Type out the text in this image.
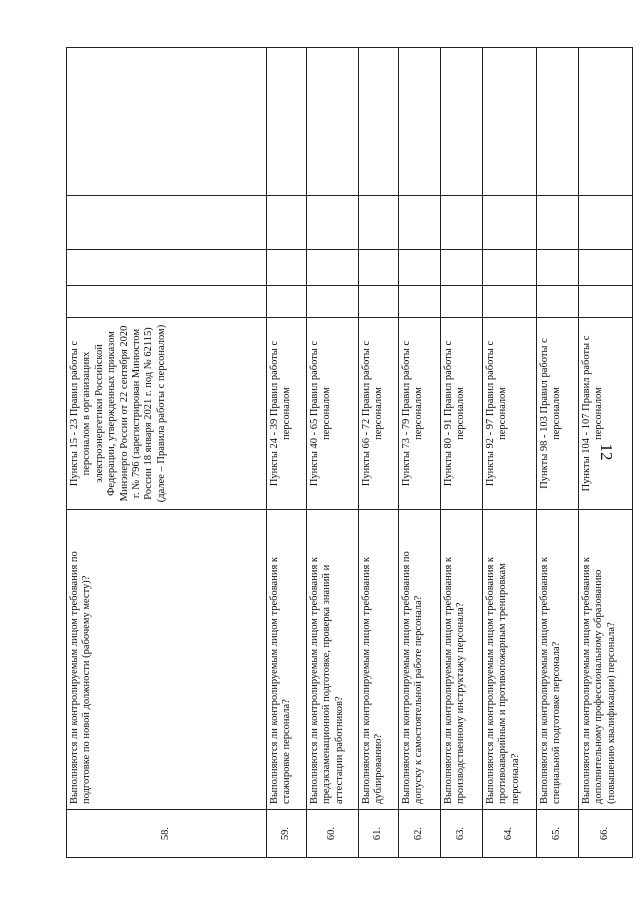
12
58.	Выполняются ли контролируемым лицом требования по подготовке по новой должности (рабочему месту)?	Пункты 15 - 23 Правил работы с персоналом в организациях электроэнергетики Российской Федерации, утвержденных приказом Минэнерго России от 22 сентября 2020 г. № 796 (зарегистрирован Минюстом России 18 января 2021 г. под № 62115) (далее – Правила работы с персоналом)				
59.	Выполняются ли контролируемым лицом требования к стажировке персонала?	Пункты 24 - 39 Правил работы с персоналом				
60.	Выполняются ли контролируемым лицом требования к предэкзаменационной подготовке, проверка знаний и аттестации работников?	Пункты 40 - 65 Правил работы с персоналом				
61.	Выполняются ли контролируемым лицом требования к дублированию?	Пункты 66 - 72 Правил работы с персоналом				
62.	Выполняются ли контролируемым лицом требования по допуску к самостоятельной работе персонала?	Пункты 73 - 79 Правил работы с персоналом				
63.	Выполняются ли контролируемым лицом требования к производственному инструктажу персонала?	Пункты 80 - 91 Правил работы с персоналом				
64.	Выполняются ли контролируемым лицом требования к противоаварийным и противопожарным тренировкам персонала?	Пункты 92 - 97 Правил работы с персоналом				
65.	Выполняются ли контролируемым лицом требования к специальной подготовке персонала?	Пункты 98 - 103 Правил работы с персоналом				
66.	Выполняются ли контролируемым лицом требования к дополнительному профессиональному образованию (повышению квалификации) персонала?	Пункты 104 - 107 Правил работы с персоналом				
